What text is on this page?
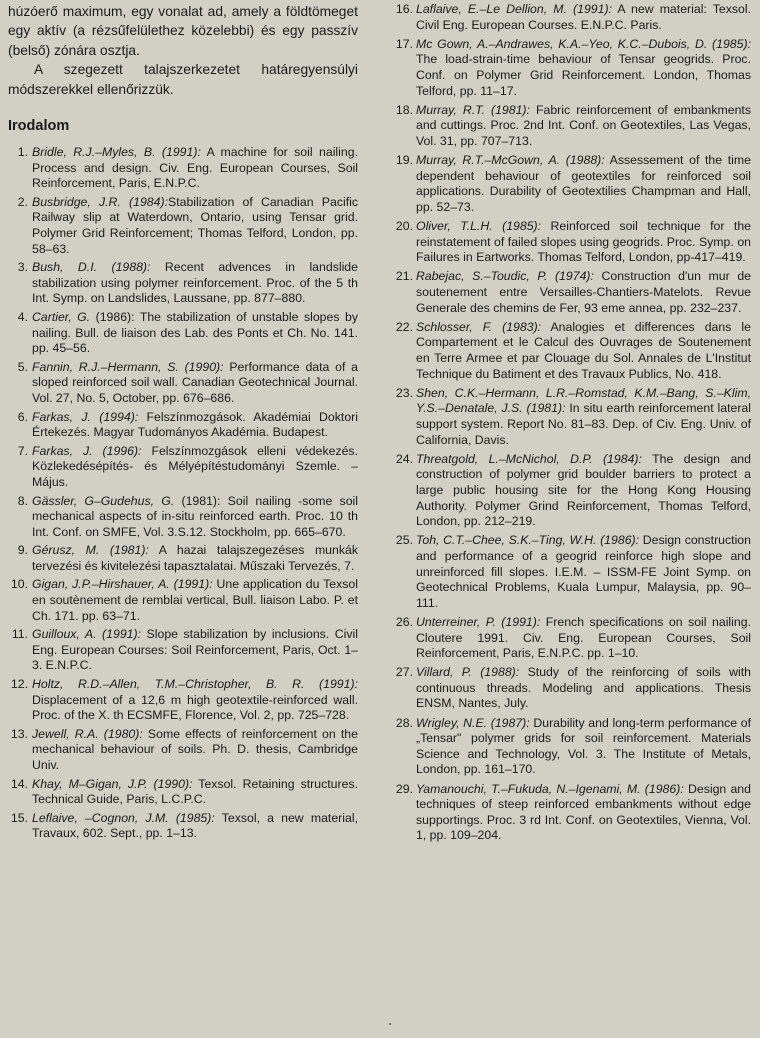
húzóerő maximum, egy vonalat ad, amely a földtömeget egy aktív (a rézsűfelülethez közelebbi) és egy passzív (belső) zónára osztja.

A szegezett talajszerkezetet határegyensúlyi módszerekkel ellenőrizzük.

Irodalom
1. Bridle, R.J.–Myles, B. (1991): A machine for soil nailing. Process and design. Civ. Eng. European Courses, Soil Reinforcement, Paris, E.N.P.C.
2. Busbridge, J.R. (1984):Stabilization of Canadian Pacific Railway slip at Waterdown, Ontario, using Tensar grid. Polymer Grid Reinforcement; Thomas Telford, London, pp. 58–63.
3. Bush, D.I. (1988): Recent advences in landslide stabilization using polymer reinforcement. Proc. of the 5 th Int. Symp. on Landslides, Laussane, pp. 877–880.
4. Cartier, G. (1986): The stabilization of unstable slopes by nailing. Bull. de liaison des Lab. des Ponts et Ch. No. 141. pp. 45–56.
5. Fannin, R.J.–Hermann, S. (1990): Performance data of a sloped reinforced soil wall. Canadian Geotechnical Journal. Vol. 27, No. 5, October, pp. 676–686.
6. Farkas, J. (1994): Felszínmozgások. Akadémiai Doktori Értekezés. Magyar Tudományos Akadémia. Budapest.
7. Farkas, J. (1996): Felszínmozgások elleni védekezés. Közlekedésépítés- és Mélyépítéstudományi Szemle. – Május.
8. Gässler, G–Gudehus, G. (1981): Soil nailing -some soil mechanical aspects of in-situ reinforced earth. Proc. 10 th Int. Conf. on SMFE, Vol. 3.S.12. Stockholm, pp. 665–670.
9. Gérusz, M. (1981): A hazai talajszegezéses munkák tervezési és kivitelezési tapasztalatai. Műszaki Tervezés, 7.
10. Gigan, J.P.–Hirshauer, A. (1991): Une application du Texsol en soutènement de remblai vertical, Bull. liaison Labo. P. et Ch. 171. pp. 63–71.
11. Guilloux, A. (1991): Slope stabilization by inclusions. Civil Eng. European Courses: Soil Reinforcement, Paris, Oct. 1–3. E.N.P.C.
12. Holtz, R.D.–Allen, T.M.–Christopher, B. R. (1991): Displacement of a 12,6 m high geotextile-reinforced wall. Proc. of the X. th ECSMFE, Florence, Vol. 2, pp. 725–728.
13. Jewell, R.A. (1980): Some effects of reinforcement on the mechanical behaviour of soils. Ph. D. thesis, Cambridge Univ.
14. Khay, M–Gigan, J.P. (1990): Texsol. Retaining structures. Technical Guide, Paris, L.C.P.C.
15. Leflaive, –Cognon, J.M. (1985): Texsol, a new material, Travaux, 602. Sept., pp. 1–13.
16. Laflaive, E.–Le Dellion, M. (1991): A new material: Texsol. Civil Eng. European Courses. E.N.P.C. Paris.
17. Mc Gown, A.–Andrawes, K.A.–Yeo, K.C.–Dubois, D. (1985): The load-strain-time behaviour of Tensar geogrids. Proc. Conf. on Polymer Grid Reinforcement. London, Thomas Telford, pp. 11–17.
18. Murray, R.T. (1981): Fabric reinforcement of embankments and cuttings. Proc. 2nd Int. Conf. on Geotextiles, Las Vegas, Vol. 31, pp. 707–713.
19. Murray, R.T.–McGown, A. (1988): Assessement of the time dependent behaviour of geotextiles for reinforced soil applications. Durability of Geotextilies Champman and Hall, pp. 52–73.
20. Oliver, T.L.H. (1985): Reinforced soil technique for the reinstatement of failed slopes using geogrids. Proc. Symp. on Failures in Eartworks. Thomas Telford, London, pp-417–419.
21. Rabejac, S.–Toudic, P. (1974): Construction d'un mur de soutenement entre Versailles-Chantiers-Matelots. Revue Generale des chemins de Fer, 93 eme annea, pp. 232–237.
22. Schlosser, F. (1983): Analogies et differences dans le Compartement et le Calcul des Ouvrages de Soutenement en Terre Armee et par Clouage du Sol. Annales de L'Institut Technique du Batiment et des Travaux Publics, No. 418.
23. Shen, C.K.–Hermann, L.R.–Romstad, K.M.–Bang, S.–Klim, Y.S.–Denatale, J.S. (1981): In situ earth reinforcement lateral support system. Report No. 81–83. Dep. of Civ. Eng. Univ. of California, Davis.
24. Threatgold, L.–McNichol, D.P. (1984): The design and construction of polymer grid boulder barriers to protect a large public housing site for the Hong Kong Housing Authority. Polymer Grind Reinforcement, Thomas Telford, London, pp. 212–219.
25. Toh, C.T.–Chee, S.K.–Ting, W.H. (1986): Design construction and performance of a geogrid reinforce high slope and unreinforced fill slopes. I.E.M. – ISSM-FE Joint Symp. on Geotechnical Problems, Kuala Lumpur, Malaysia, pp. 90–111.
26. Unterreiner, P. (1991): French specifications on soil nailing. Cloutere 1991. Civ. Eng. European Courses, Soil Reinforcement, Paris, E.N.P.C. pp. 1–10.
27. Villard, P. (1988): Study of the reinforcing of soils with continuous threads. Modeling and applications. Thesis ENSM, Nantes, July.
28. Wrigley, N.E. (1987): Durability and long-term performance of „Tensar" polymer grids for soil reinforcement. Materials Science and Technology, Vol. 3. The Institute of Metals, London, pp. 161–170.
29. Yamanouchi, T.–Fukuda, N.–Igenami, M. (1986): Design and techniques of steep reinforced embankments without edge supportings. Proc. 3 rd Int. Conf. on Geotextiles, Vienna, Vol. 1, pp. 109–204.
